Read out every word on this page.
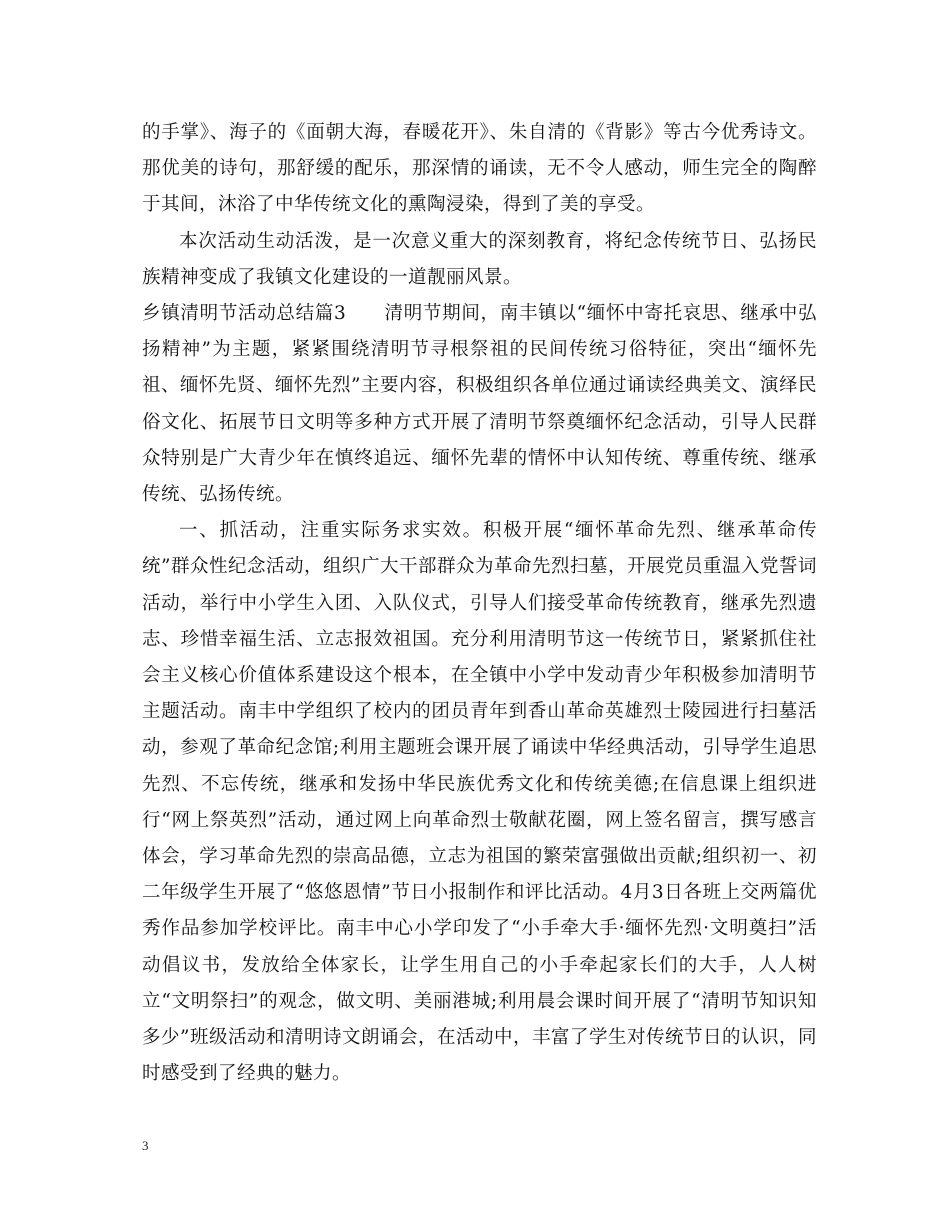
的手掌》、海子的《面朝大海，春暖花开》、朱自清的《背影》等古今优秀诗文。那优美的诗句，那舒缓的配乐，那深情的诵读，无不令人感动，师生完全的陶醉于其间，沐浴了中华传统文化的熏陶浸染，得到了美的享受。

本次活动生动活泼，是一次意义重大的深刻教育，将纪念传统节日、弘扬民族精神变成了我镇文化建设的一道靓丽风景。

乡镇清明节活动总结篇3 清明节期间，南丰镇以“缅怀中寄托哀思、继承中弘扬精神”为主题，紧紧围绕清明节寻根祭祖的民间传统习俗特征，突出“缅怀先祖、缅怀先贤、缅怀先烈”主要内容，积极组织各单位通过诵读经典美文、演绎民俗文化、拓展节日文明等多种方式开展了清明节祭奠缅怀纪念活动，引导人民群众特别是广大青少年在慎终追远、缅怀先辈的情怀中认知传统、尊重传统、继承传统、弘扬传统。

一、抓活动，注重实际务求实效。积极开展“缅怀革命先烈、继承革命传统”群众性纪念活动，组织广大干部群众为革命先烈扫墓，开展党员重温入党誓词活动，举行中小学生入团、入队仪式，引导人们接受革命传统教育，继承先烈遗志、珍惜幸福生活、立志报效祖国。充分利用清明节这一传统节日，紧紧抓住社会主义核心价值体系建设这个根本，在全镇中小学中发动青少年积极参加清明节主题活动。南丰中学组织了校内的团员青年到香山革命英雄烈士陵园进行扫墓活动，参观了革命纪念馆;利用主题班会课开展了诵读中华经典活动，引导学生追思先烈、不忘传统，继承和发扬中华民族优秀文化和传统美德;在信息课上组织进行“网上祭英烈”活动，通过网上向革命烈士敬献花圈，网上签名留言，撰写感言体会，学习革命先烈的崇高品德，立志为祖国的繁荣富强做出贡献;组织初一、初二年级学生开展了“悠悠恩情”节日小报制作和评比活动。4月3日各班上交两篇优秀作品参加学校评比。南丰中心小学印发了“小手牵大手·缅怀先烈·文明奠扫”活动倡议书，发放给全体家长，让学生用自己的小手牵起家长们的大手，人人树立“文明祭扫”的观念，做文明、美丽港城;利用晨会课时间开展了“清明节知识知多少”班级活动和清明诗文朗诵会，在活动中，丰富了学生对传统节日的认识，同时感受到了经典的魅力。

3
